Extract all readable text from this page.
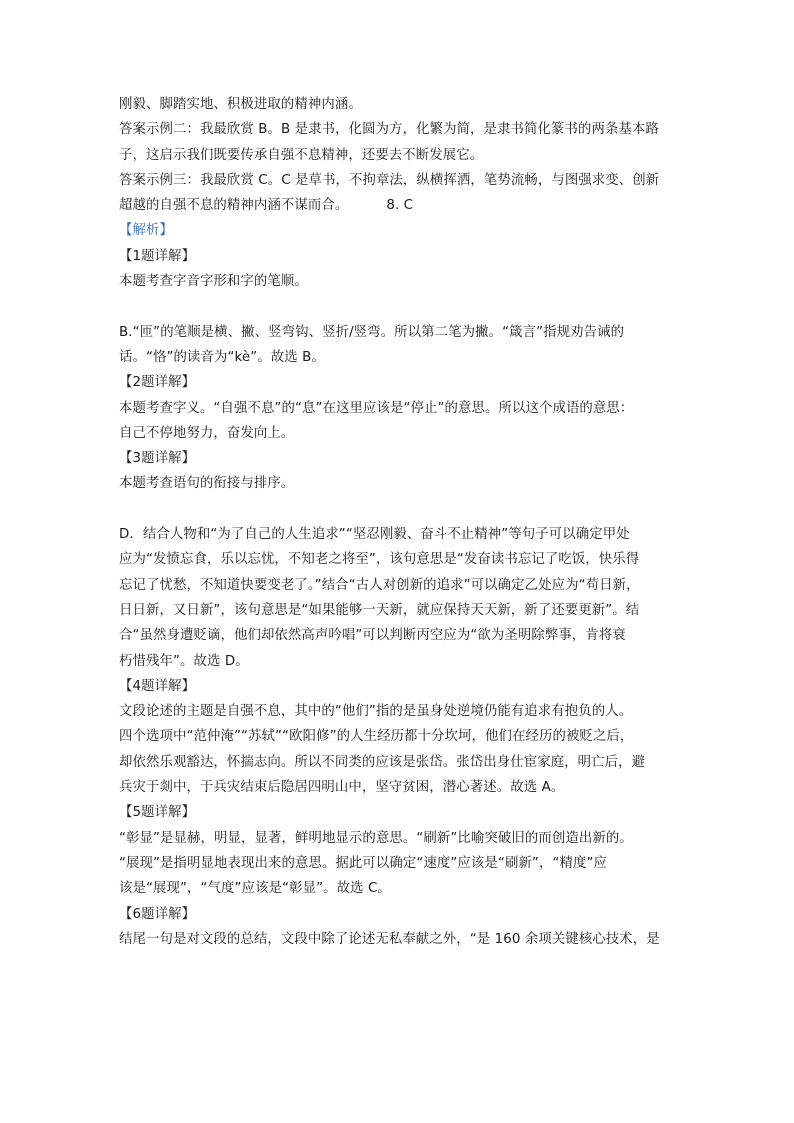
刚毅、脚踏实地、积极进取的精神内涵。
答案示例二：我最欣赏 B。B 是隶书，化圆为方，化繁为简，是隶书简化篆书的两条基本路
子，这启示我们既要传承自强不息精神，还要去不断发展它。
答案示例三：我最欣赏 C。C 是草书，不拘章法，纵横挥洒，笔势流畅，与图强求变、创新
超越的自强不息的精神内涵不谋而合。	8. C
【解析】
【1题详解】
本题考查字音字形和字的笔顺。
B.“匝”的笔顺是横、撇、竖弯钩、竖折/竖弯。所以第二笔为撇。“箴言”指规劝告诫的
话。“恪”的读音为“kè”。故选 B。
【2题详解】
本题考查字义。“自强不息”的“息”在这里应该是“停止”的意思。所以这个成语的意思：
自己不停地努力，奋发向上。
【3题详解】
本题考查语句的衔接与排序。
D．结合人物和“为了自己的人生追求”“坚忍刚毅、奋斗不止精神”等句子可以确定甲处
应为“发愤忘食，乐以忘忧，不知老之将至”，该句意思是“发奋读书忘记了吃饭，快乐得
忘记了忧愁，不知道快要变老了。”结合“古人对创新的追求”可以确定乙处应为“苟日新，
日日新，又日新”，该句意思是“如果能够一天新，就应保持天天新，新了还要更新”。结
合“虽然身遭贬谪，他们却依然高声吟唱”可以判断丙空应为“欲为圣明除弊事，肯将衰
朽惜残年”。故选 D。
【4题详解】
文段论述的主题是自强不息，其中的“他们”指的是虽身处逆境仍能有追求有抱负的人。
四个选项中“范仲淹”“苏轼”“欧阳修”的人生经历都十分坎坷，他们在经历的被贬之后，
却依然乐观豁达，怀揣志向。所以不同类的应该是张岱。张岱出身仕宦家庭，明亡后，避
兵灾于剡中，于兵灾结束后隐居四明山中，坚守贫困，潜心著述。故选 A。
【5题详解】
“彰显”是显赫，明显，显著，鲜明地显示的意思。“刷新”比喻突破旧的而创造出新的。
“展现”是指明显地表现出来的意思。据此可以确定“速度”应该是“刷新”，“精度”应
该是“展现”，“气度”应该是“彰显”。故选 C。
【6题详解】
结尾一句是对文段的总结，文段中除了论述无私奉献之外，“是 160 余项关键核心技术，是
